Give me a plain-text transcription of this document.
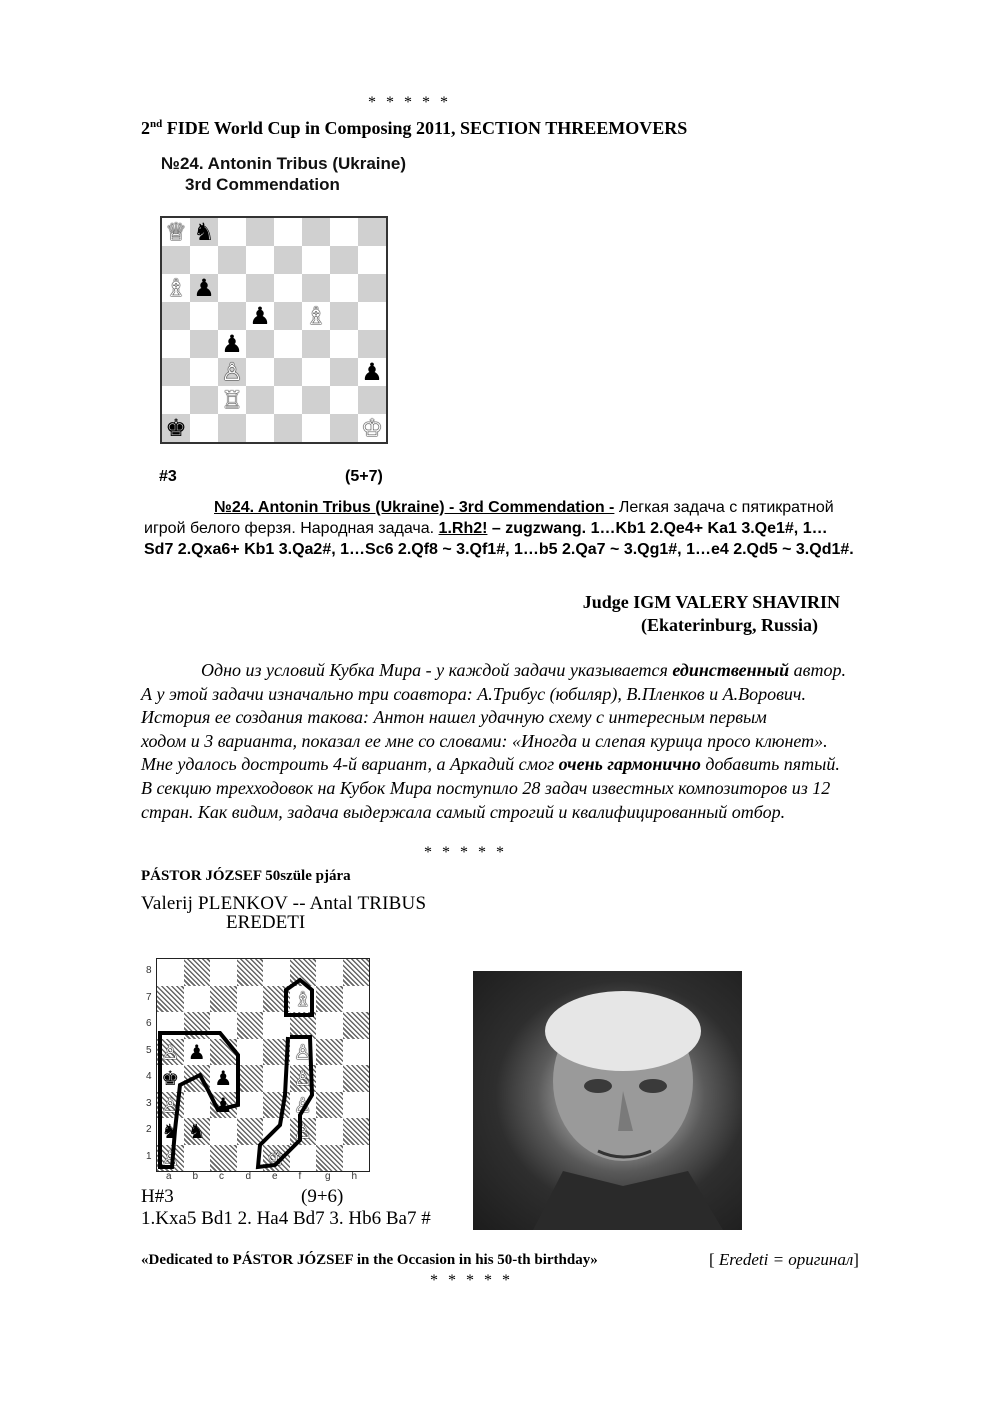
* * * * *
2nd FIDE World Cup in Composing 2011, SECTION THREEMOVERS
№24. Antonin Tribus (Ukraine)
3rd Commendation
♕ ♞
♗ ♟
♟ ♗
♟
♙	♟
♖
♚	♔
#3	(5+7)
№24. Antonin Tribus (Ukraine) - 3rd Commendation - Легкая задача с пятикратной игрой белого ферзя. Народная задача. 1.Rh2! – zugzwang. 1…Kb1 2.Qe4+ Ka1 3.Qe1#, 1…Sd7 2.Qxa6+ Kb1 3.Qa2#, 1…Sc6 2.Qf8 ~ 3.Qf1#, 1…b5 2.Qa7 ~ 3.Qg1#, 1…e4 2.Qd5 ~ 3.Qd1#.
Judge IGM VALERY SHAVIRIN
(Ekaterinburg, Russia)
Одно из условий Кубка Мира - у каждой задачи указывается единственный автор.
А у этой задачи изначально три соавтора: А.Трибус (юбиляр), В.Пленков и А.Ворович.
История ее создания такова: Антон нашел удачную схему с интересным первым
ходом и 3 варианта, показал ее мне со словами: «Иногда и слепая курица просо клюнет».
Мне удалось достроить 4-й вариант, а Аркадий смог очень гармонично добавить пятый.
В секцию трехходовок на Кубок Мира поступило 28 задач известных композиторов из 12
стран. Как видим, задача выдержала самый строгий и квалифицированный отбор.
* * * * *
PÁSTOR JÓZSEF 50szüle pjára
Valerij PLENKOV -- Antal TRIBUS
EREDETI
8
7
6
5
4
3
2
1
a b c d e f g h
♗
♙ ♟	♙
♚ ♟	♙
♙ ♟	♙
♞ ♞	♙
♙	♔
H#3	(9+6)
1.Kxa5 Bd1 2. Ha4 Bd7 3. Hb6 Ba7 #
«Dedicated to PÁSTOR JÓZSEF in the Occasion in his 50-th birthday»	[ Eredeti = оригинал]
* * * * *
